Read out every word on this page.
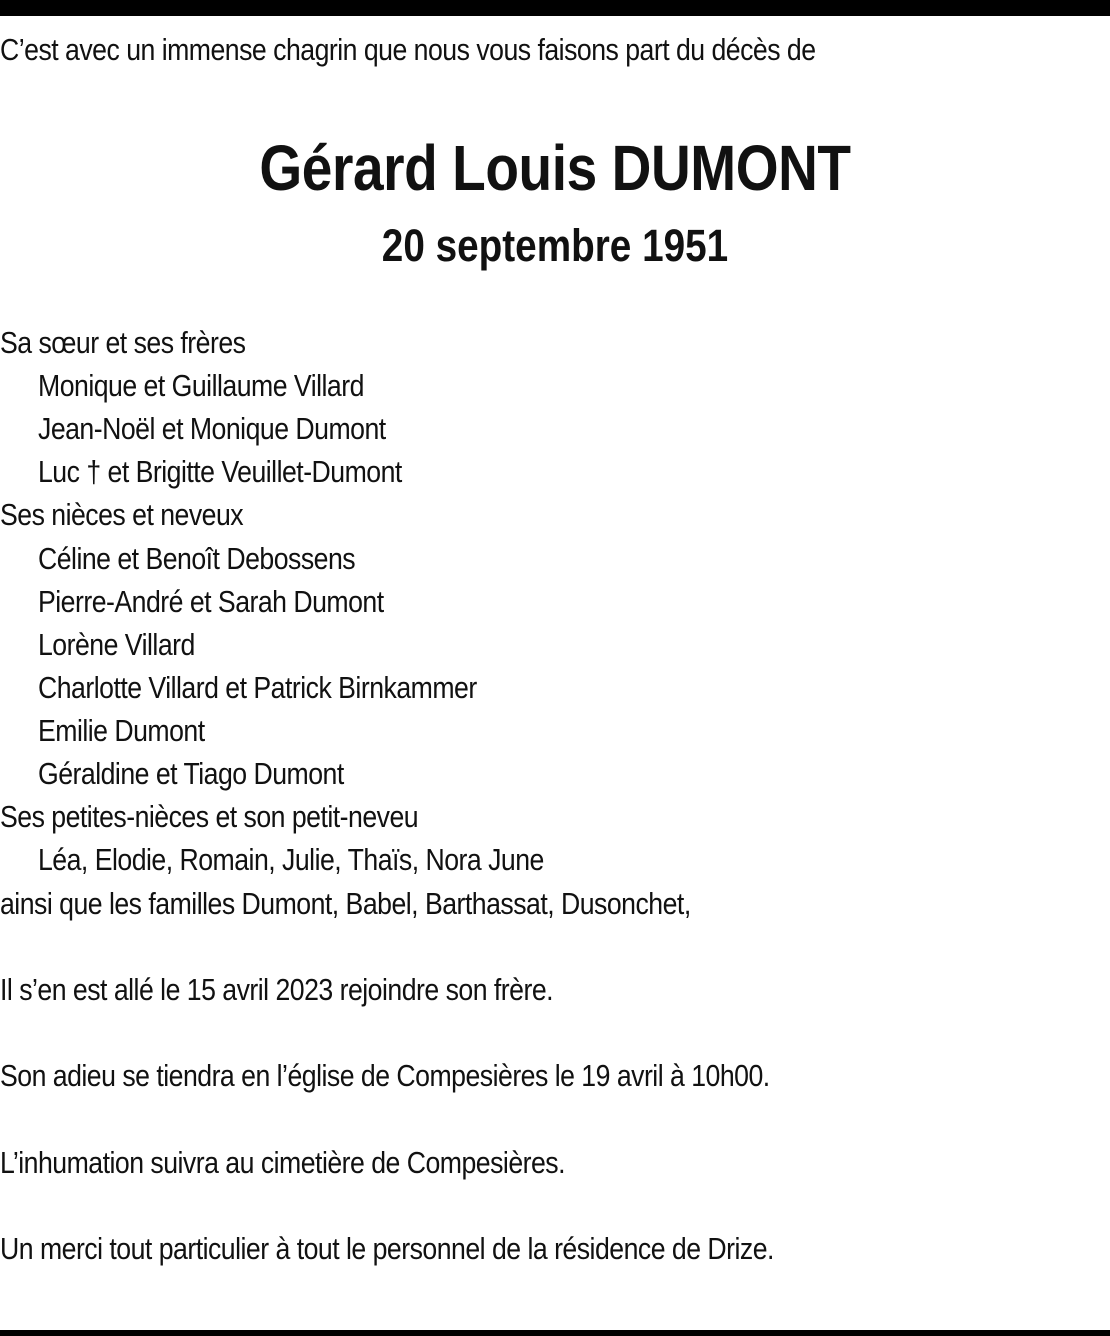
C’est avec un immense chagrin que nous vous faisons part du décès de
Gérard Louis DUMONT
20 septembre 1951
Sa sœur et ses frères
Monique et Guillaume Villard
Jean-Noël et Monique Dumont
Luc † et Brigitte Veuillet-Dumont
Ses nièces et neveux
Céline et Benoît Debossens
Pierre-André et Sarah Dumont
Lorène Villard
Charlotte Villard et Patrick Birnkammer
Emilie Dumont
Géraldine et Tiago Dumont
Ses petites-nièces et son petit-neveu
Léa, Elodie, Romain, Julie, Thaïs, Nora June
ainsi que les familles Dumont, Babel, Barthassat, Dusonchet,
Il s’en est allé le 15 avril 2023 rejoindre son frère.
Son adieu se tiendra en l’église de Compesières le 19 avril à 10h00.
L’inhumation suivra au cimetière de Compesières.
Un merci tout particulier à tout le personnel de la résidence de Drize.
